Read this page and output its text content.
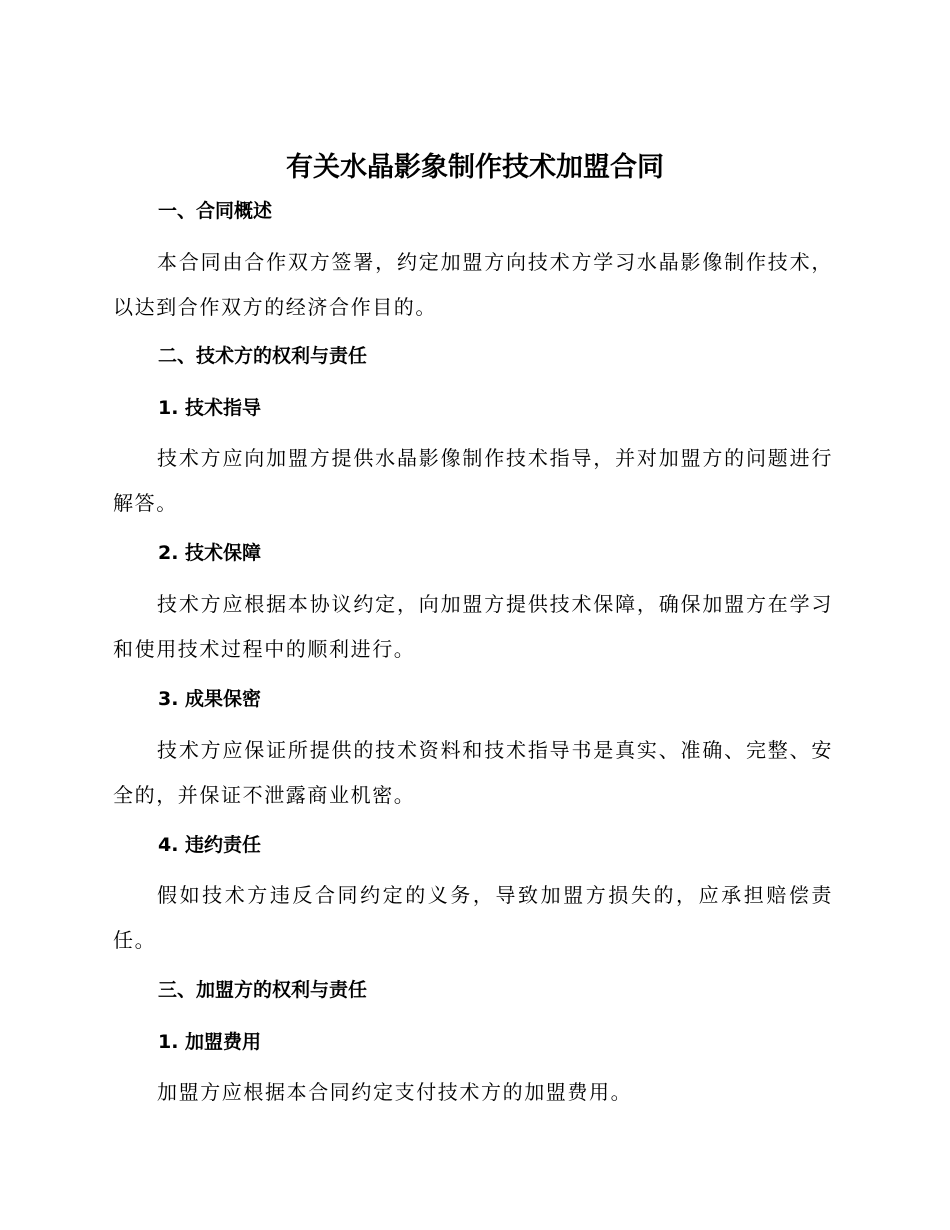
有关水晶影象制作技术加盟合同
一、合同概述
本合同由合作双方签署，约定加盟方向技术方学习水晶影像制作技术，以达到合作双方的经济合作目的。
二、技术方的权利与责任
1. 技术指导
技术方应向加盟方提供水晶影像制作技术指导，并对加盟方的问题进行解答。
2. 技术保障
技术方应根据本协议约定，向加盟方提供技术保障，确保加盟方在学习和使用技术过程中的顺利进行。
3. 成果保密
技术方应保证所提供的技术资料和技术指导书是真实、准确、完整、安全的，并保证不泄露商业机密。
4. 违约责任
假如技术方违反合同约定的义务，导致加盟方损失的，应承担赔偿责任。
三、加盟方的权利与责任
1. 加盟费用
加盟方应根据本合同约定支付技术方的加盟费用。
